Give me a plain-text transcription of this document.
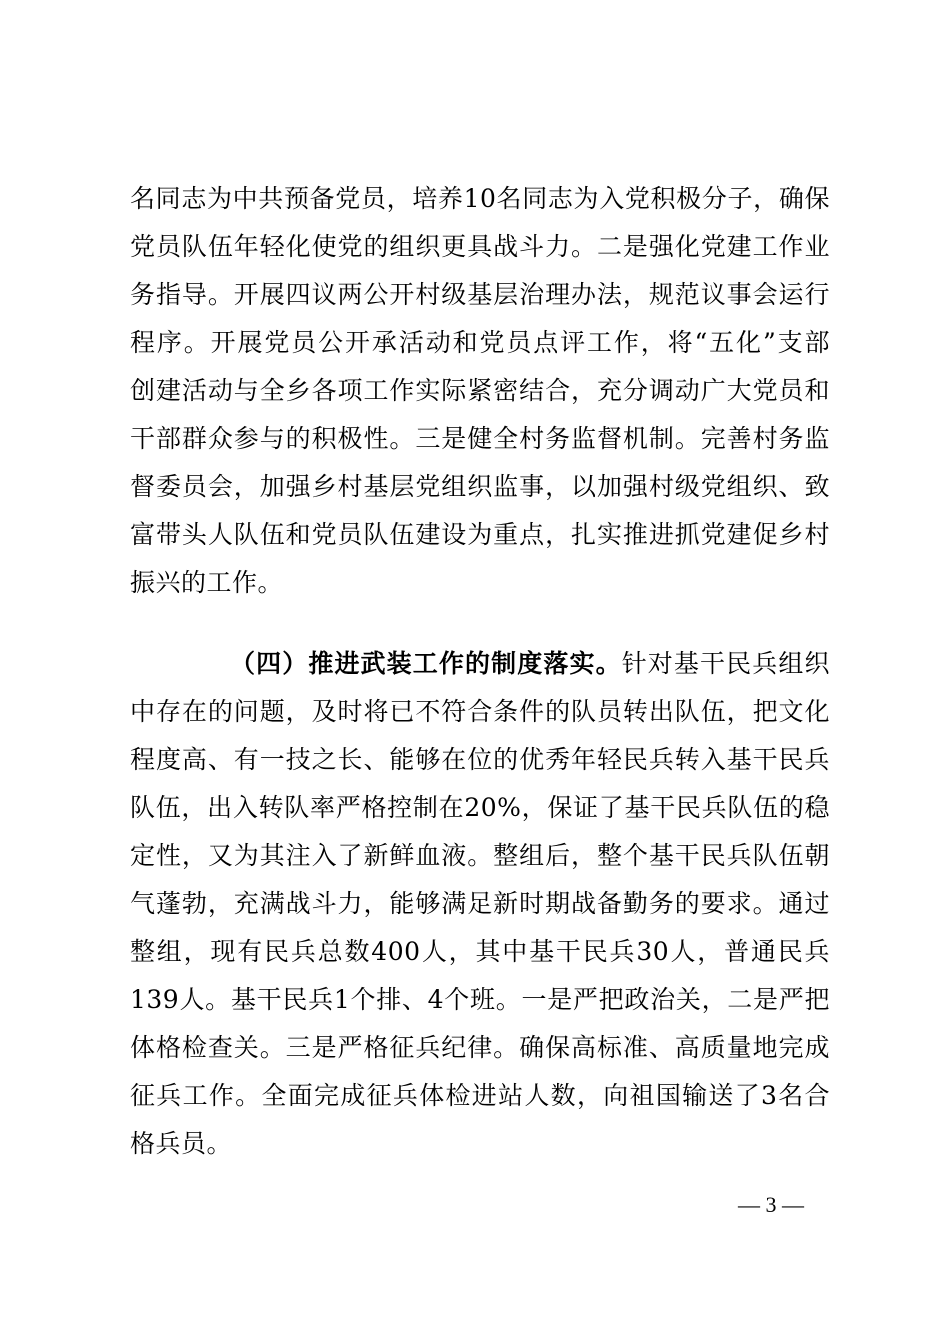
名同志为中共预备党员，培养10名同志为入党积极分子，确保
党员队伍年轻化使党的组织更具战斗力。二是强化党建工作业
务指导。开展四议两公开村级基层治理办法，规范议事会运行
程序。开展党员公开承活动和党员点评工作，将“五化”支部
创建活动与全乡各项工作实际紧密结合，充分调动广大党员和
干部群众参与的积极性。三是健全村务监督机制。完善村务监
督委员会，加强乡村基层党组织监事，以加强村级党组织、致
富带头人队伍和党员队伍建设为重点，扎实推进抓党建促乡村
振兴的工作。
（四）推进武装工作的制度落实。针对基干民兵组织
中存在的问题，及时将已不符合条件的队员转出队伍，把文化
程度高、有一技之长、能够在位的优秀年轻民兵转入基干民兵
队伍，出入转队率严格控制在20%，保证了基干民兵队伍的稳
定性，又为其注入了新鲜血液。整组后，整个基干民兵队伍朝
气蓬勃，充满战斗力，能够满足新时期战备勤务的要求。通过
整组，现有民兵总数400人，其中基干民兵30人，普通民兵
139人。基干民兵1个排、4个班。一是严把政治关，二是严把
体格检查关。三是严格征兵纪律。确保高标准、高质量地完成
征兵工作。全面完成征兵体检进站人数，向祖国输送了3名合
格兵员。
— 3 —
